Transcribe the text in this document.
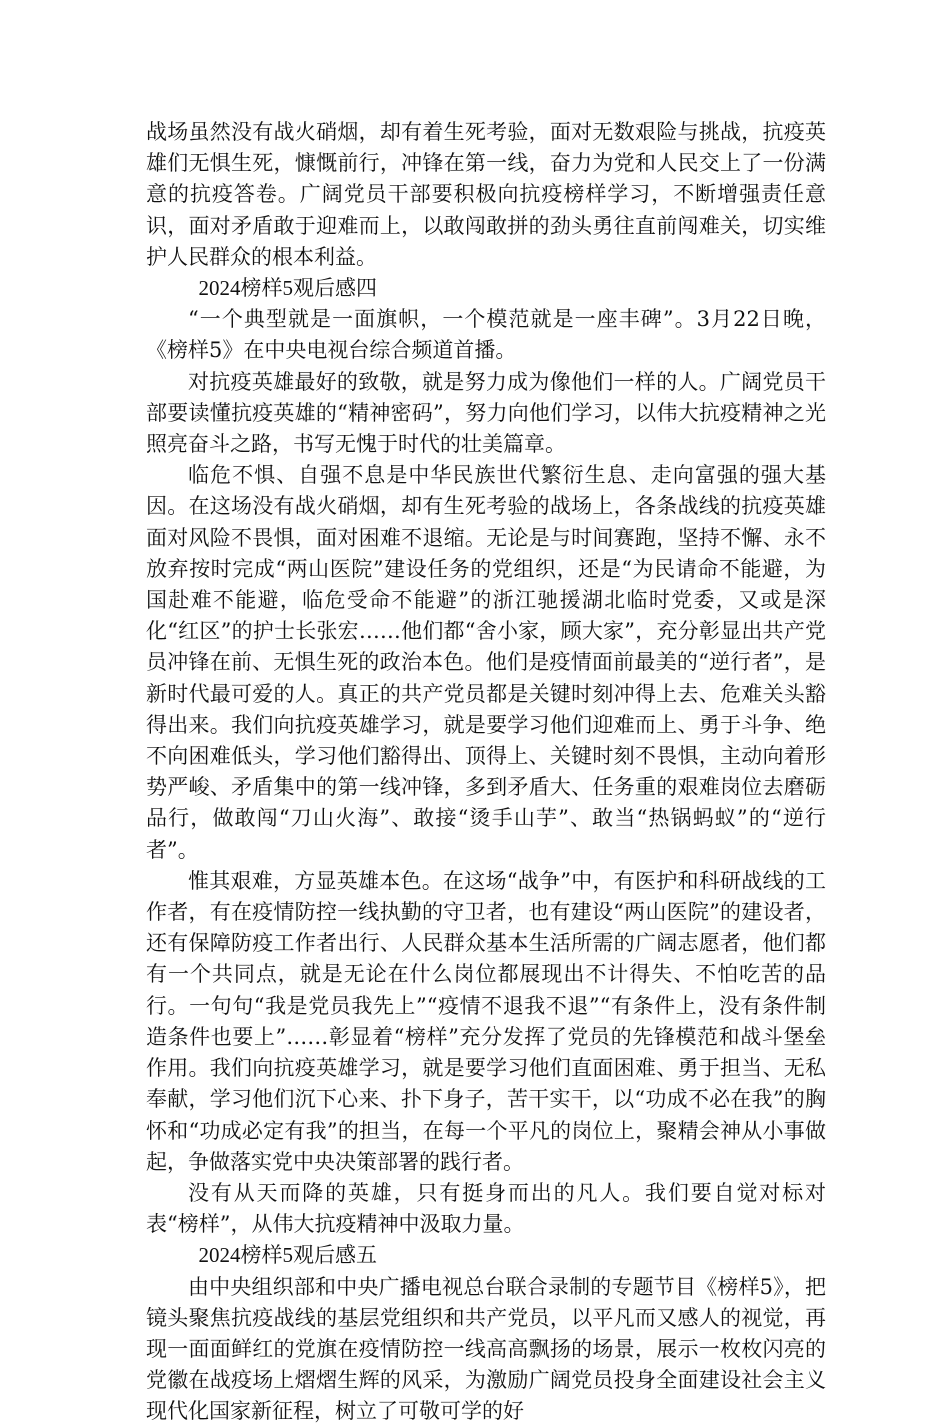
战场虽然没有战火硝烟，却有着生死考验，面对无数艰险与挑战，抗疫英雄们无惧生死，慷慨前行，冲锋在第一线，奋力为党和人民交上了一份满意的抗疫答卷。广阔党员干部要积极向抗疫榜样学习，不断增强责任意识，面对矛盾敢于迎难而上，以敢闯敢拼的劲头勇往直前闯难关，切实维护人民群众的根本利益。

2024榜样5观后感四

“一个典型就是一面旗帜，一个模范就是一座丰碑”。3月22日晚，《榜样5》在中央电视台综合频道首播。

对抗疫英雄最好的致敬，就是努力成为像他们一样的人。广阔党员干部要读懂抗疫英雄的“精神密码”，努力向他们学习，以伟大抗疫精神之光照亮奋斗之路，书写无愧于时代的壮美篇章。

临危不惧、自强不息是中华民族世代繁衍生息、走向富强的强大基因。在这场没有战火硝烟，却有生死考验的战场上，各条战线的抗疫英雄面对风险不畏惧，面对困难不退缩。无论是与时间赛跑，坚持不懈、永不放弃按时完成“两山医院”建设任务的党组织，还是“为民请命不能避，为国赴难不能避，临危受命不能避”的浙江驰援湖北临时党委，又或是深化“红区”的护士长张宏……他们都“舍小家，顾大家”，充分彰显出共产党员冲锋在前、无惧生死的政治本色。他们是疫情面前最美的“逆行者”，是新时代最可爱的人。真正的共产党员都是关键时刻冲得上去、危难关头豁得出来。我们向抗疫英雄学习，就是要学习他们迎难而上、勇于斗争、绝不向困难低头，学习他们豁得出、顶得上、关键时刻不畏惧，主动向着形势严峻、矛盾集中的第一线冲锋，多到矛盾大、任务重的艰难岗位去磨砺品行，做敢闯“刀山火海”、敢接“烫手山芋”、敢当“热锅蚂蚁”的“逆行者”。

惟其艰难，方显英雄本色。在这场“战争”中，有医护和科研战线的工作者，有在疫情防控一线执勤的守卫者，也有建设“两山医院”的建设者，还有保障防疫工作者出行、人民群众基本生活所需的广阔志愿者，他们都有一个共同点，就是无论在什么岗位都展现出不计得失、不怕吃苦的品行。一句句“我是党员我先上”“疫情不退我不退”“有条件上，没有条件制造条件也要上”……彰显着“榜样”充分发挥了党员的先锋模范和战斗堡垒作用。我们向抗疫英雄学习，就是要学习他们直面困难、勇于担当、无私奉献，学习他们沉下心来、扑下身子，苦干实干，以“功成不必在我”的胸怀和“功成必定有我”的担当，在每一个平凡的岗位上，聚精会神从小事做起，争做落实党中央决策部署的践行者。

没有从天而降的英雄，只有挺身而出的凡人。我们要自觉对标对表“榜样”，从伟大抗疫精神中汲取力量。

2024榜样5观后感五

由中央组织部和中央广播电视总台联合录制的专题节目《榜样5》，把镜头聚焦抗疫战线的基层党组织和共产党员，以平凡而又感人的视觉，再现一面面鲜红的党旗在疫情防控一线高高飘扬的场景，展示一枚枚闪亮的党徽在战疫场上熠熠生辉的风采，为激励广阔党员投身全面建设社会主义现代化国家新征程，树立了可敬可学的好
